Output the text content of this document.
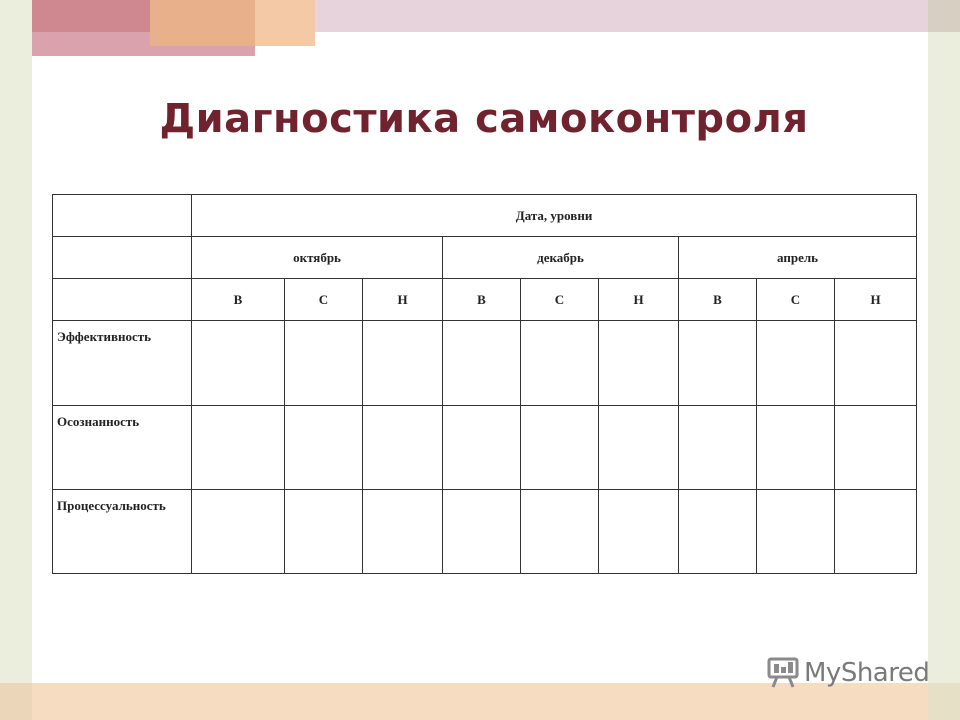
Диагностика самоконтроля
	Дата, уровни								
	октябрь			декабрь			апрель		
	В	С	Н	В	С	Н	В	С	Н
Эффективность									
Осознанность									
Процессуальность									
MyShared
